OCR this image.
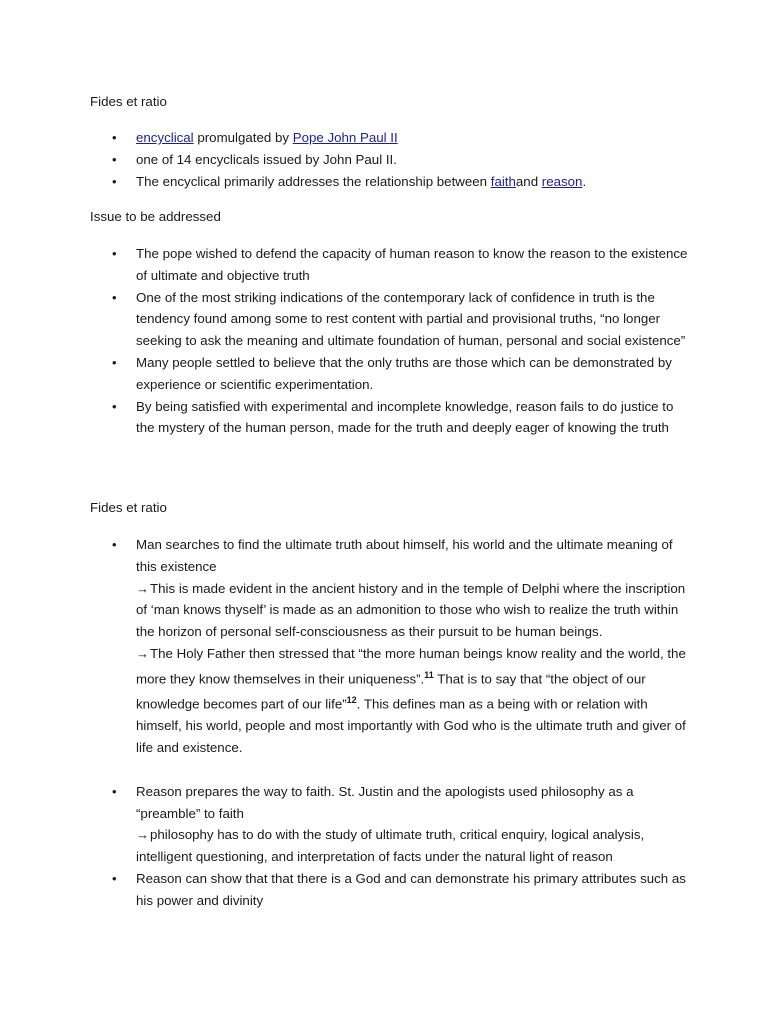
Fides et ratio

• encyclical promulgated by Pope John Paul II
• one of 14 encyclicals issued by John Paul II.
• The encyclical primarily addresses the relationship between faithand reason.

Issue to be addressed

• The pope wished to defend the capacity of human reason to know the reason to the existence of ultimate and objective truth
• One of the most striking indications of the contemporary lack of confidence in truth is the tendency found among some to rest content with partial and provisional truths, “no longer seeking to ask the meaning and ultimate foundation of human, personal and social existence”
• Many people settled to believe that the only truths are those which can be demonstrated by experience or scientific experimentation.
• By being satisfied with experimental and incomplete knowledge, reason fails to do justice to the mystery of the human person, made for the truth and deeply eager of knowing the truth

Fides et ratio

• Man searches to find the ultimate truth about himself, his world and the ultimate meaning of this existence
→This is made evident in the ancient history and in the temple of Delphi where the inscription of ‘man knows thyself’ is made as an admonition to those who wish to realize the truth within the horizon of personal self-consciousness as their pursuit to be human beings.
→The Holy Father then stressed that “the more human beings know reality and the world, the more they know themselves in their uniqueness”.$^{11}$ That is to say that “the object of our knowledge becomes part of our life”$^{12}$. This defines man as a being with or relation with himself, his world, people and most importantly with God who is the ultimate truth and giver of life and existence.
• Reason prepares the way to faith. St. Justin and the apologists used philosophy as a “preamble” to faith
→philosophy has to do with the study of ultimate truth, critical enquiry, logical analysis, intelligent questioning, and interpretation of facts under the natural light of reason
• Reason can show that that there is a God and can demonstrate his primary attributes such as his power and divinity
